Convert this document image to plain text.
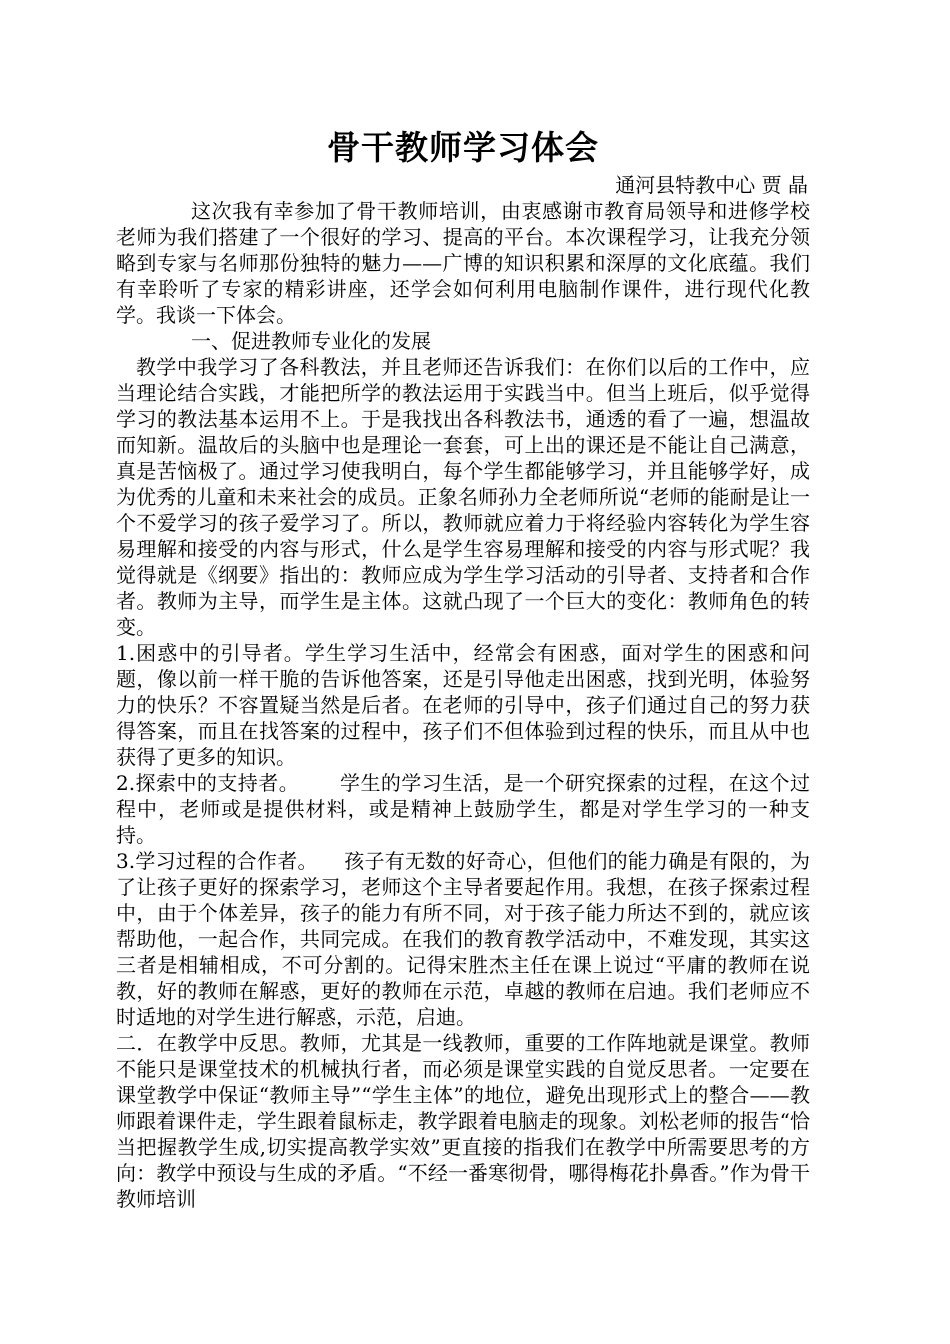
骨干教师学习体会

通河县特教中心 贾 晶

这次我有幸参加了骨干教师培训，由衷感谢市教育局领导和进修学校老师为我们搭建了一个很好的学习、提高的平台。本次课程学习，让我充分领略到专家与名师那份独特的魅力——广博的知识积累和深厚的文化底蕴。我们有幸聆听了专家的精彩讲座，还学会如何利用电脑制作课件，进行现代化教学。我谈一下体会。

一、促进教师专业化的发展

教学中我学习了各科教法，并且老师还告诉我们：在你们以后的工作中，应当理论结合实践，才能把所学的教法运用于实践当中。但当上班后，似乎觉得学习的教法基本运用不上。于是我找出各科教法书，通透的看了一遍，想温故而知新。温故后的头脑中也是理论一套套，可上出的课还是不能让自己满意，真是苦恼极了。通过学习使我明白，每个学生都能够学习，并且能够学好，成为优秀的儿童和未来社会的成员。正象名师孙力全老师所说“老师的能耐是让一个不爱学习的孩子爱学习了。所以，教师就应着力于将经验内容转化为学生容易理解和接受的内容与形式，什么是学生容易理解和接受的内容与形式呢？我觉得就是《纲要》指出的：教师应成为学生学习活动的引导者、支持者和合作者。教师为主导，而学生是主体。这就凸现了一个巨大的变化：教师角色的转变。

1.困惑中的引导者。学生学习生活中，经常会有困惑，面对学生的困惑和问题，像以前一样干脆的告诉他答案，还是引导他走出困惑，找到光明，体验努力的快乐？不容置疑当然是后者。在老师的引导中，孩子们通过自己的努力获得答案，而且在找答案的过程中，孩子们不但体验到过程的快乐，而且从中也获得了更多的知识。

2.探索中的支持者。      学生的学习生活，是一个研究探索的过程，在这个过程中，老师或是提供材料，或是精神上鼓励学生，都是对学生学习的一种支持。

3.学习过程的合作者。    孩子有无数的好奇心，但他们的能力确是有限的，为了让孩子更好的探索学习，老师这个主导者要起作用。我想，在孩子探索过程中，由于个体差异，孩子的能力有所不同，对于孩子能力所达不到的，就应该帮助他，一起合作，共同完成。在我们的教育教学活动中，不难发现，其实这三者是相辅相成，不可分割的。记得宋胜杰主任在课上说过“平庸的教师在说教，好的教师在解惑，更好的教师在示范，卓越的教师在启迪。我们老师应不时适地的对学生进行解惑，示范，启迪。

二．在教学中反思。教师，尤其是一线教师，重要的工作阵地就是课堂。教师不能只是课堂技术的机械执行者，而必须是课堂实践的自觉反思者。一定要在课堂教学中保证“教师主导”“学生主体”的地位，避免出现形式上的整合——教师跟着课件走，学生跟着鼠标走，教学跟着电脑走的现象。刘松老师的报告“恰当把握教学生成,切实提高教学实效”更直接的指我们在教学中所需要思考的方向：教学中预设与生成的矛盾。“不经一番寒彻骨，哪得梅花扑鼻香。”作为骨干教师培训
